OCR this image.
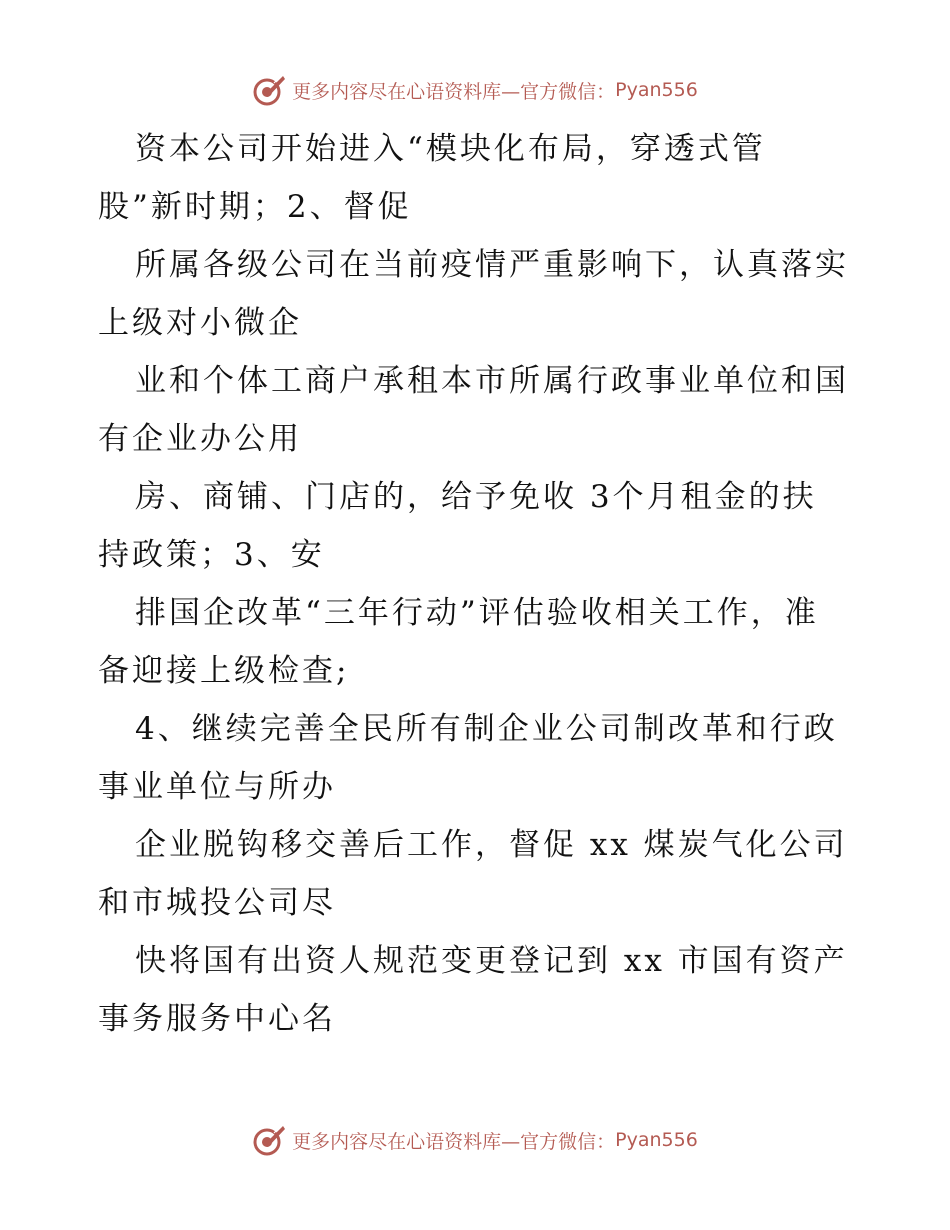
更多内容尽在心语资料库—官方微信： Pyan556
资本公司开始进入“模块化布局，穿透式管
股”新时期；2、督促
所属各级公司在当前疫情严重影响下，认真落实
上级对小微企
业和个体工商户承租本市所属行政事业单位和国
有企业办公用
房、商铺、门店的，给予免收 3个月租金的扶
持政策；3、安
排国企改革“三年行动”评估验收相关工作，准
备迎接上级检查;
4、继续完善全民所有制企业公司制改革和行政
事业单位与所办
企业脱钩移交善后工作，督促 xx 煤炭气化公司
和市城投公司尽
快将国有出资人规范变更登记到 xx 市国有资产
事务服务中心名
更多内容尽在心语资料库—官方微信： Pyan556
